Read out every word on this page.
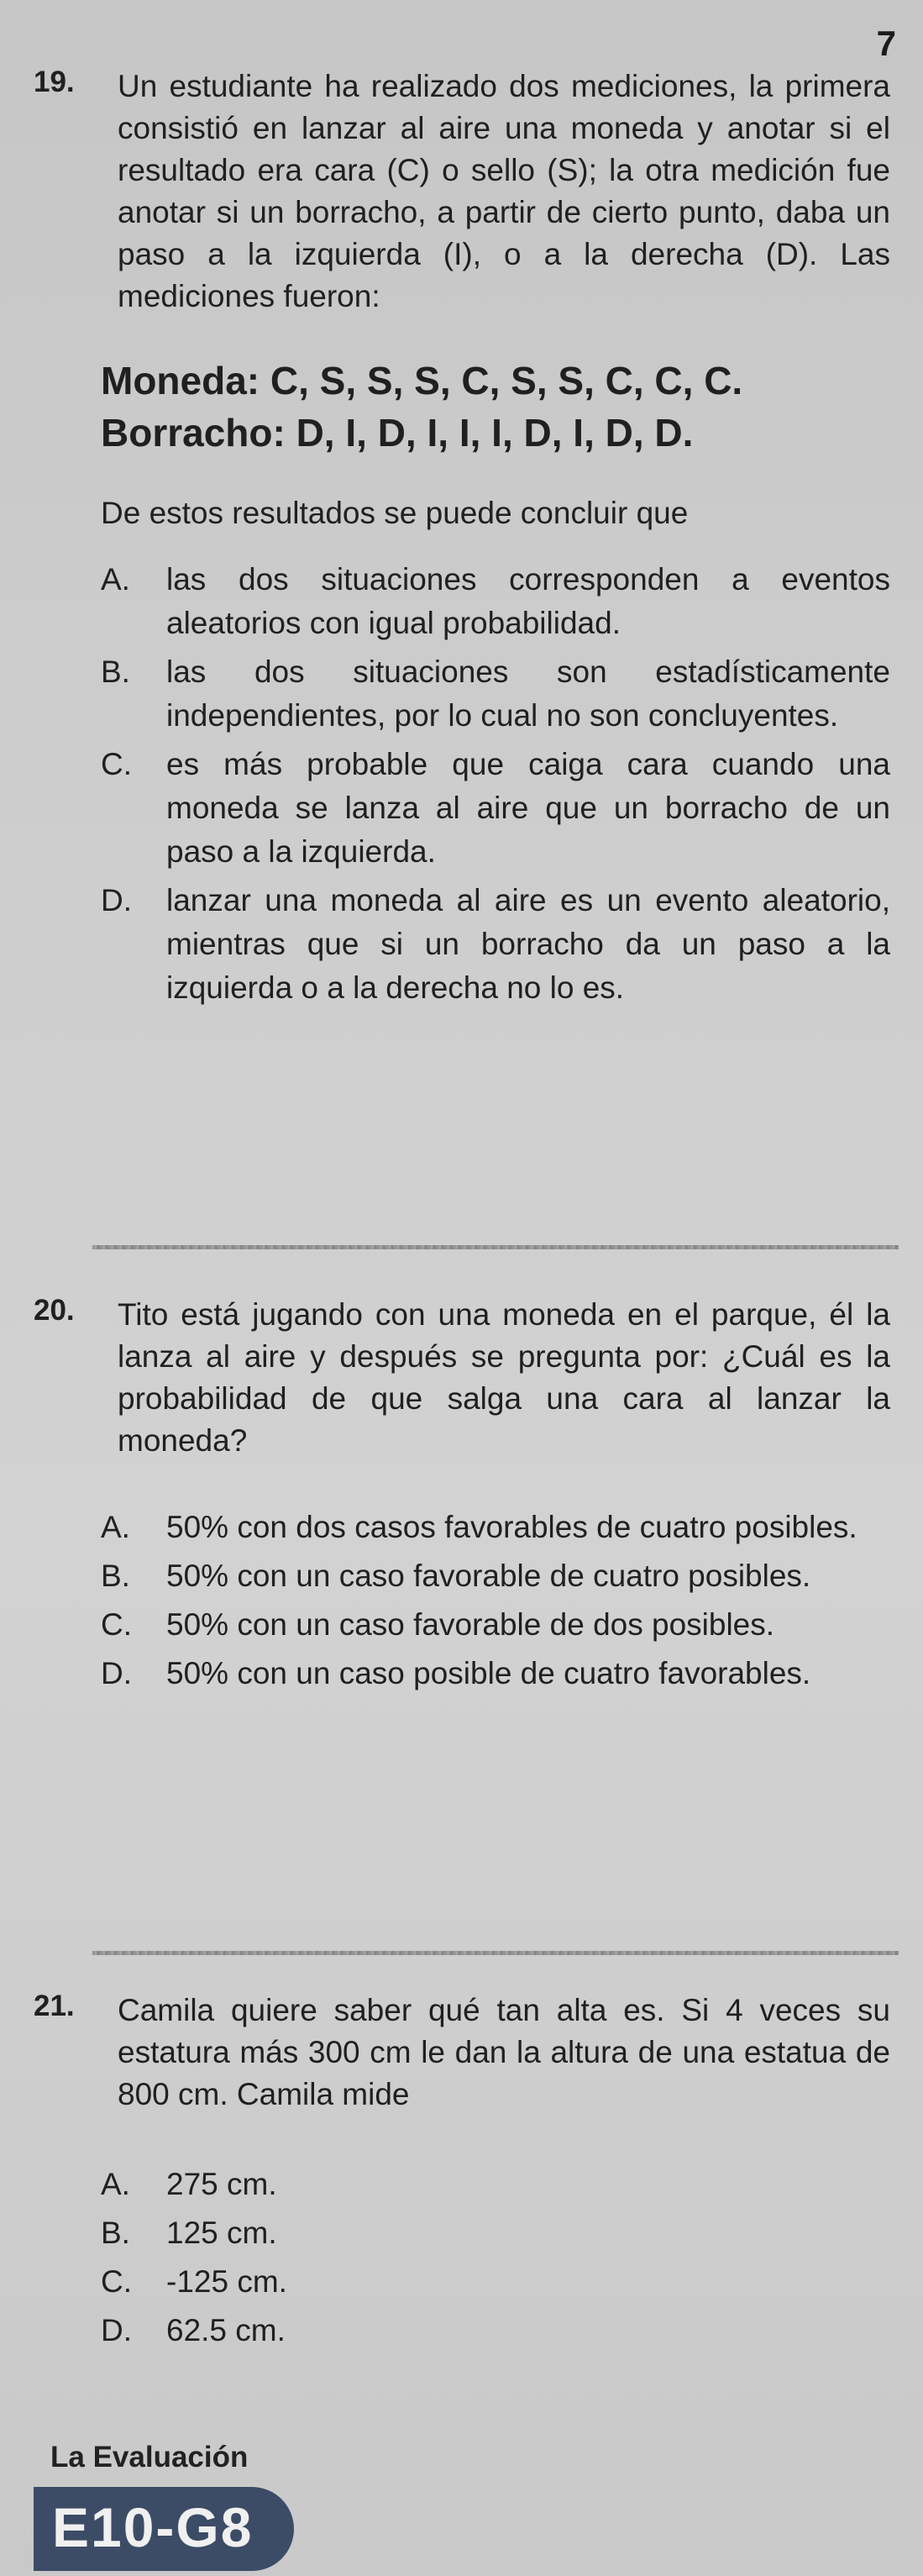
7
19. Un estudiante ha realizado dos mediciones, la primera consistió en lanzar al aire una moneda y anotar si el resultado era cara (C) o sello (S); la otra medición fue anotar si un borracho, a partir de cierto punto, daba un paso a la izquierda (I), o a la derecha (D). Las mediciones fueron:
Moneda: C, S, S, S, C, S, S, C, C, C.
Borracho: D, I, D, I, I, I, D, I, D, D.
De estos resultados se puede concluir que
A. las dos situaciones corresponden a eventos aleatorios con igual probabilidad.
B. las dos situaciones son estadísticamente independientes, por lo cual no son concluyentes.
C. es más probable que caiga cara cuando una moneda se lanza al aire que un borracho de un paso a la izquierda.
D. lanzar una moneda al aire es un evento aleatorio, mientras que si un borracho da un paso a la izquierda o a la derecha no lo es.
20. Tito está jugando con una moneda en el parque, él la lanza al aire y después se pregunta por: ¿Cuál es la probabilidad de que salga una cara al lanzar la moneda?
A. 50% con dos casos favorables de cuatro posibles.
B. 50% con un caso favorable de cuatro posibles.
C. 50% con un caso favorable de dos posibles.
D. 50% con un caso posible de cuatro favorables.
21. Camila quiere saber qué tan alta es. Si 4 veces su estatura más 300 cm le dan la altura de una estatua de 800 cm. Camila mide
A. 275 cm.
B. 125 cm.
C. -125 cm.
D. 62.5 cm.
La Evaluación
E10-G8
